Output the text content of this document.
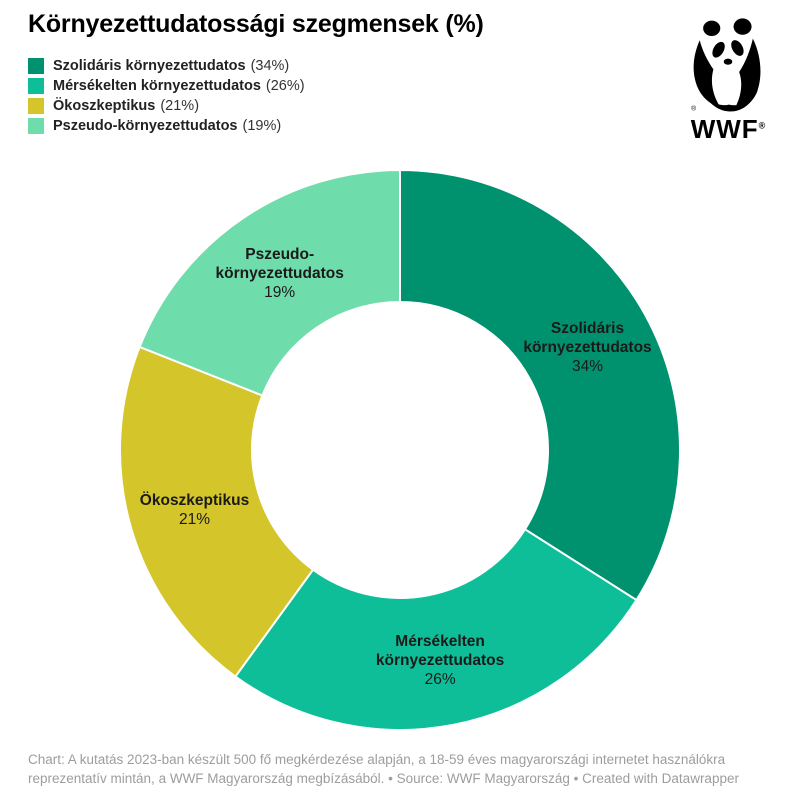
Környezettudatossági szegmensek (%)
®
WWF®
Szolidáris környezettudatos (34%)
Mérsékelten környezettudatos (26%)
Ökoszkeptikus (21%)
Pszeudo-környezettudatos (19%)
Szolidáris környezettudatos 34%
Mérsékelten környezettudatos 26%
Ökoszkeptikus 21%
Pszeudo-környezettudatos 19%
Chart: A kutatás 2023-ban készült 500 fő megkérdezése alapján, a 18-59 éves magyarországi internetet használókra
reprezentatív mintán, a WWF Magyarország megbízásából. • Source: WWF Magyarország • Created with Datawrapper
